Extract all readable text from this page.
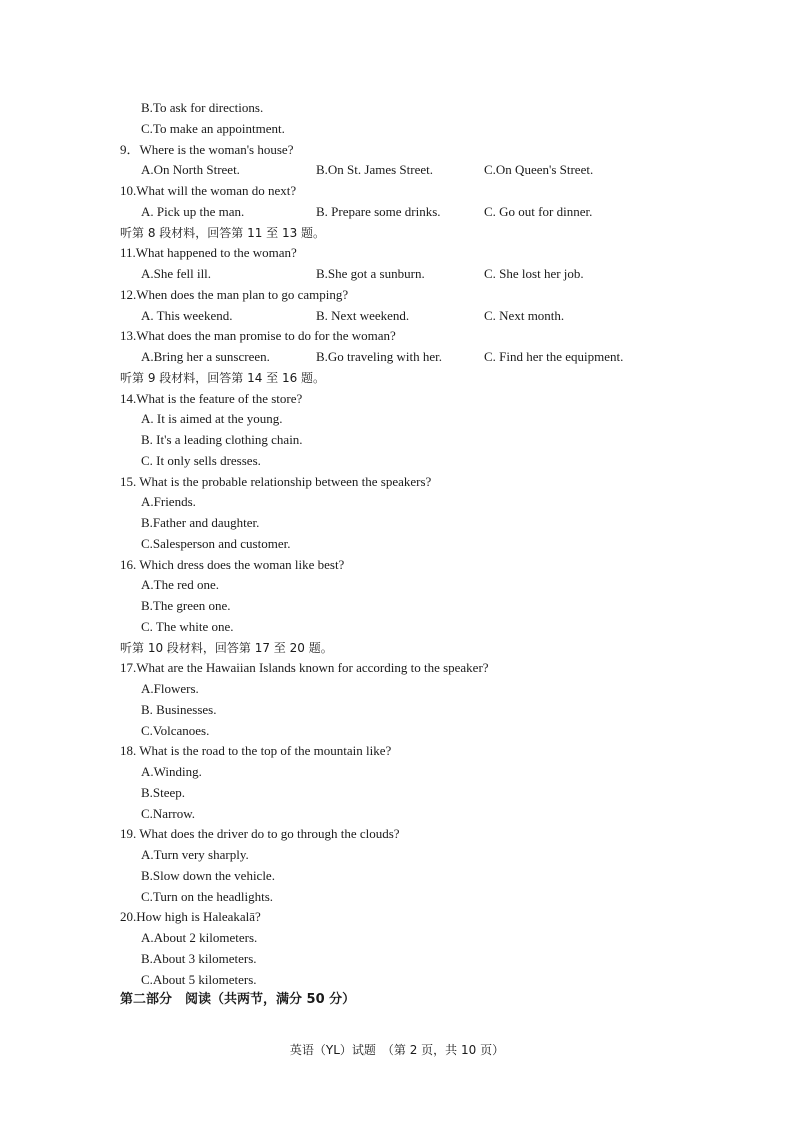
B.To ask for directions.
C.To make an appointment.
9．Where is the woman's house?
A.On North Street.	B.On St. James Street.	C.On Queen's Street.
10.What will the woman do next?
A. Pick up the man.	B. Prepare some drinks.	C. Go out for dinner.
听第 8 段材料，回答第 11 至 13 题。
11.What happened to the woman?
A.She fell ill.	B.She got a sunburn.	C. She lost her job.
12.When does the man plan to go camping?
A. This weekend.	B. Next weekend.	C. Next month.
13.What does the man promise to do for the woman?
A.Bring her a sunscreen.	B.Go traveling with her.	C. Find her the equipment.
听第 9 段材料，回答第 14 至 16 题。
14.What is the feature of the store?
A. It is aimed at the young.
B. It's a leading clothing chain.
C. It only sells dresses.
15. What is the probable relationship between the speakers?
A.Friends.
B.Father and daughter.
C.Salesperson and customer.
16. Which dress does the woman like best?
A.The red one.
B.The green one.
C. The white one.
听第 10 段材料，回答第 17 至 20 题。
17.What are the Hawaiian Islands known for according to the speaker?
A.Flowers.
B. Businesses.
C.Volcanoes.
18. What is the road to the top of the mountain like?
A.Winding.
B.Steep.
C.Narrow.
19. What does the driver do to go through the clouds?
A.Turn very sharply.
B.Slow down the vehicle.
C.Turn on the headlights.
20.How high is Haleakalā?
A.About 2 kilometers.
B.About 3 kilometers.
C.About 5 kilometers.
第二部分　阅读（共两节，满分 50 分）
英语（YL）试题　（第 2 页，共 10 页）
